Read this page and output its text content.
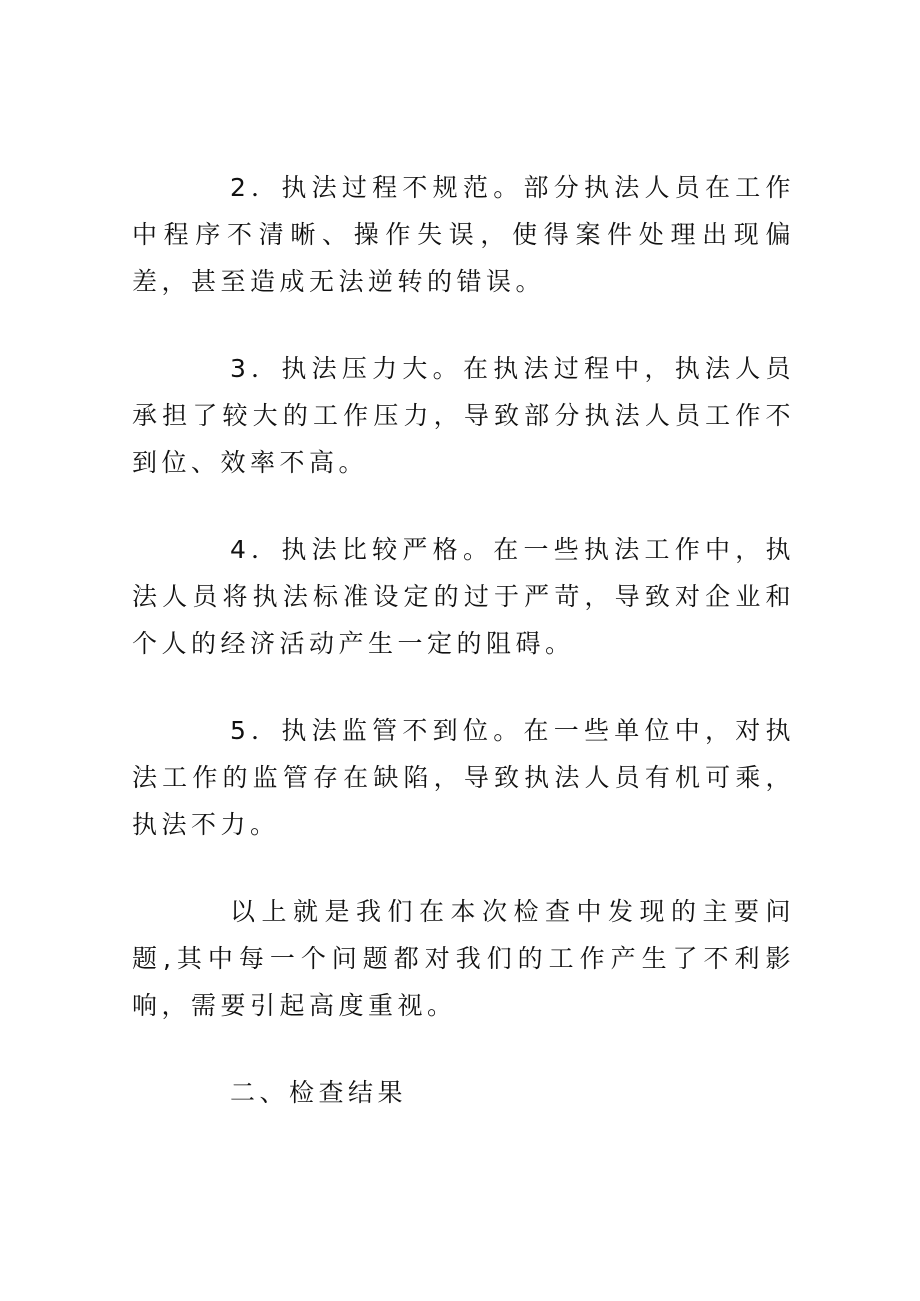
2．执法过程不规范。部分执法人员在工作中程序不清晰、操作失误，使得案件处理出现偏差，甚至造成无法逆转的错误。

3．执法压力大。在执法过程中，执法人员承担了较大的工作压力，导致部分执法人员工作不到位、效率不高。

4．执法比较严格。在一些执法工作中，执法人员将执法标准设定的过于严苛，导致对企业和个人的经济活动产生一定的阻碍。

5．执法监管不到位。在一些单位中，对执法工作的监管存在缺陷，导致执法人员有机可乘，执法不力。

以上就是我们在本次检查中发现的主要问题,其中每一个问题都对我们的工作产生了不利影响，需要引起高度重视。

二、检查结果
